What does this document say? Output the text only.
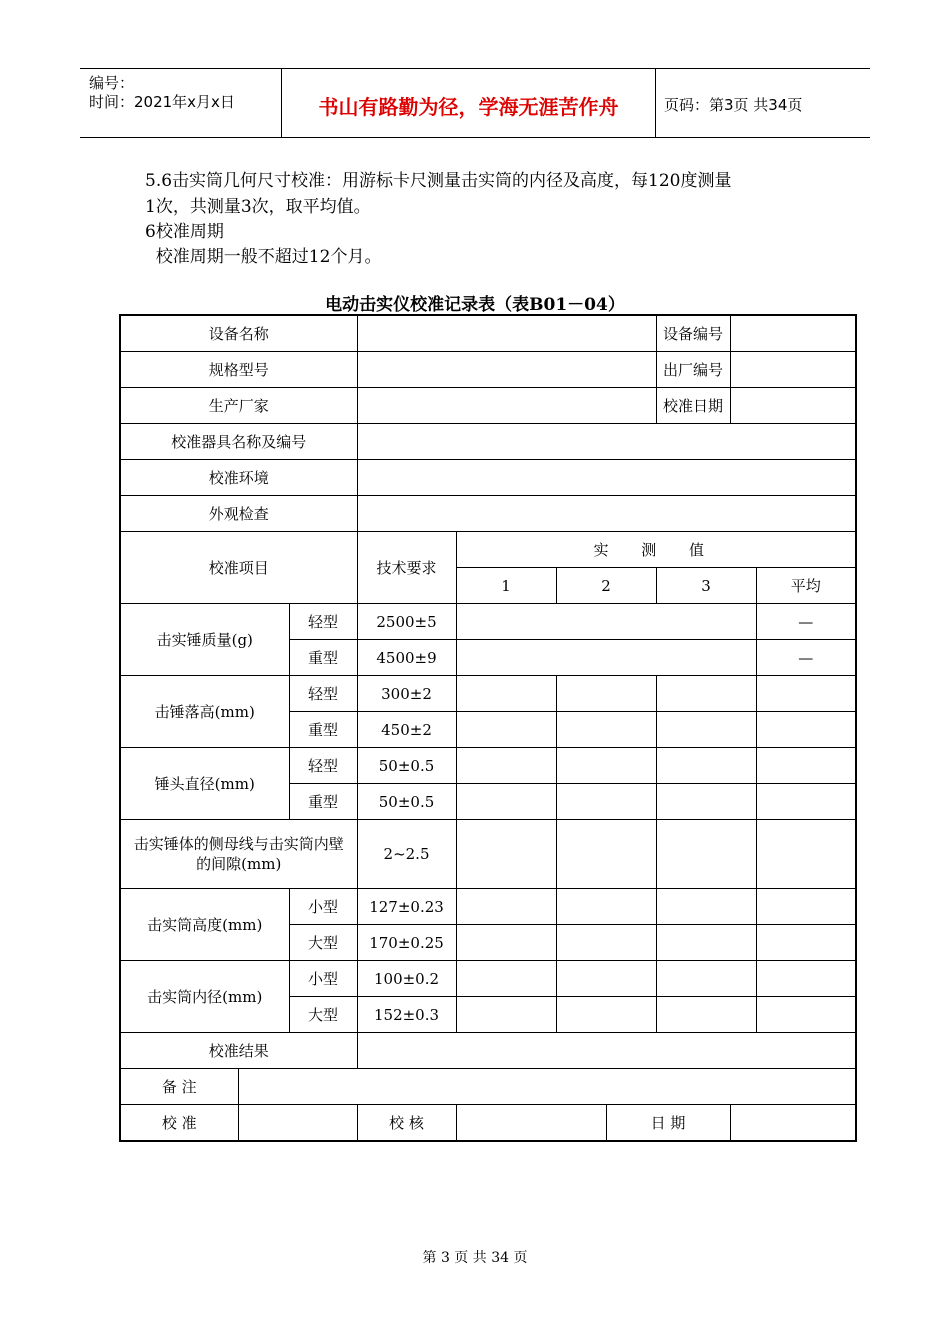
编号：
时间：2021年x月x日	书山有路勤为径，学海无涯苦作舟	页码：第3页 共34页
5.6击实筒几何尺寸校准：用游标卡尺测量击实筒的内径及高度，每120度测量
1次，共测量3次，取平均值。
6校准周期
校准周期一般不超过12个月。
电动击实仪校准记录表（表B01－04）
设备名称							设备编号		
规格型号							出厂编号		
生产厂家							校准日期		
校准器具名称及编号									
校准环境									
外观检查									
校准项目			技术要求	实 测 值					
				1	2		3		平均
击实锤质量(g)		轻型	2500±5						—
		重型	4500±9						—
击锤落高(mm)		轻型	300±2						
		重型	450±2						
锤头直径(mm)		轻型	50±0.5						
		重型	50±0.5						
击实锤体的侧母线与击实筒内壁的间隙(mm)			2~2.5						
击实筒高度(mm)		小型	127±0.23						
		大型	170±0.25						
击实筒内径(mm)		小型	100±0.2						
		大型	152±0.3						
校准结果									
备 注									
校 准			校 核			日 期			
第 3 页 共 34 页
